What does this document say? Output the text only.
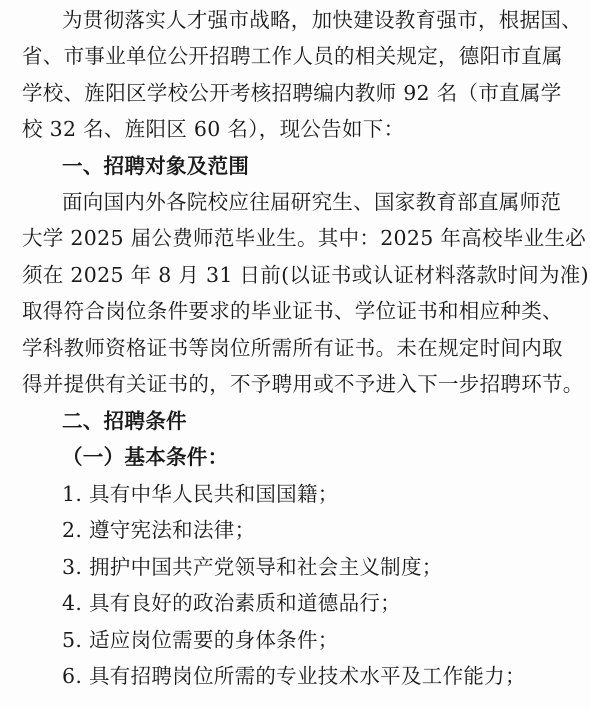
为贯彻落实人才强市战略，加快建设教育强市，根据国、
省、市事业单位公开招聘工作人员的相关规定，德阳市直属
学校、旌阳区学校公开考核招聘编内教师 92 名（市直属学
校 32 名、旌阳区 60 名），现公告如下：
一、招聘对象及范围
面向国内外各院校应往届研究生、国家教育部直属师范
大学 2025 届公费师范毕业生。其中：2025 年高校毕业生必
须在 2025 年 8 月 31 日前(以证书或认证材料落款时间为准)
取得符合岗位条件要求的毕业证书、学位证书和相应种类、
学科教师资格证书等岗位所需所有证书。未在规定时间内取
得并提供有关证书的，不予聘用或不予进入下一步招聘环节。
二、招聘条件
（一）基本条件：
1. 具有中华人民共和国国籍；
2. 遵守宪法和法律；
3. 拥护中国共产党领导和社会主义制度；
4. 具有良好的政治素质和道德品行；
5. 适应岗位需要的身体条件；
6. 具有招聘岗位所需的专业技术水平及工作能力；
